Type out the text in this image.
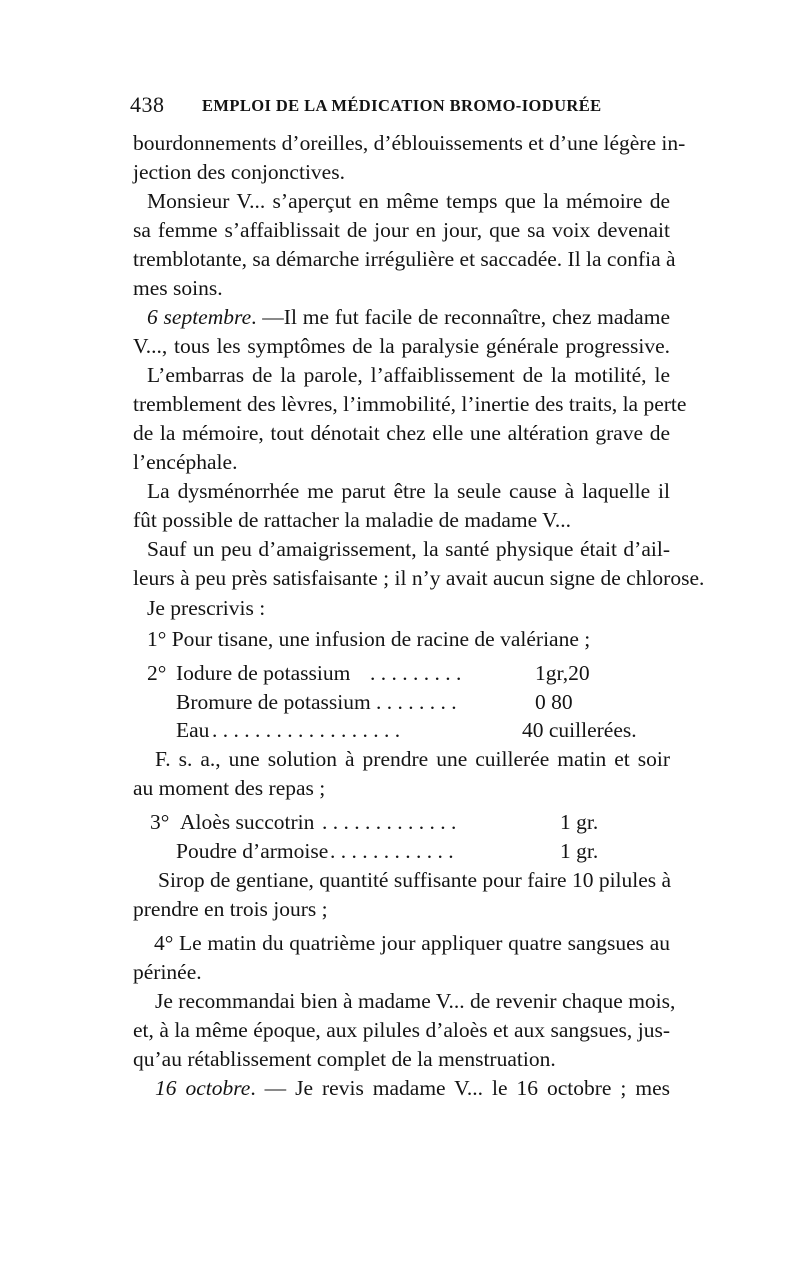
438 EMPLOI DE LA MÉDICATION BROMO-IODURÉE
bourdonnements d’oreilles, d’éblouissements et d’une légère in-
jection des conjonctives.
Monsieur V... s’aperçut en même temps que la mémoire de
sa femme s’affaiblissait de jour en jour, que sa voix devenait
tremblotante, sa démarche irrégulière et saccadée. Il la confia à
mes soins.
6 septembre. —Il me fut facile de reconnaître, chez madame
V..., tous les symptômes de la paralysie générale progressive.
L’embarras de la parole, l’affaiblissement de la motilité, le
tremblement des lèvres, l’immobilité, l’inertie des traits, la perte
de la mémoire, tout dénotait chez elle une altération grave de
l’encéphale.
La dysménorrhée me parut être la seule cause à laquelle il
fût possible de rattacher la maladie de madame V...
Sauf un peu d’amaigrissement, la santé physique était d’ail-
leurs à peu près satisfaisante ; il n’y avait aucun signe de chlorose.
Je prescrivis :
1° Pour tisane, une infusion de racine de valériane ;
2° Iodure de potassium . . . . . . . . .	1gr,20
Bromure de potassium . . . . . . . .	0 80
Eau . . . . . . . . . . . . . . . . . .	40 cuillerées.
F. s. a., une solution à prendre une cuillerée matin et soir
au moment des repas ;
3° Aloès succotrin . . . . . . . . . . . . .	1 gr.
Poudre d’armoise . . . . . . . . . . . .	1 gr.
Sirop de gentiane, quantité suffisante pour faire 10 pilules à
prendre en trois jours ;
4° Le matin du quatrième jour appliquer quatre sangsues au
périnée.
Je recommandai bien à madame V... de revenir chaque mois,
et, à la même époque, aux pilules d’aloès et aux sangsues, jus-
qu’au rétablissement complet de la menstruation.
16 octobre. — Je revis madame V... le 16 octobre ; mes
